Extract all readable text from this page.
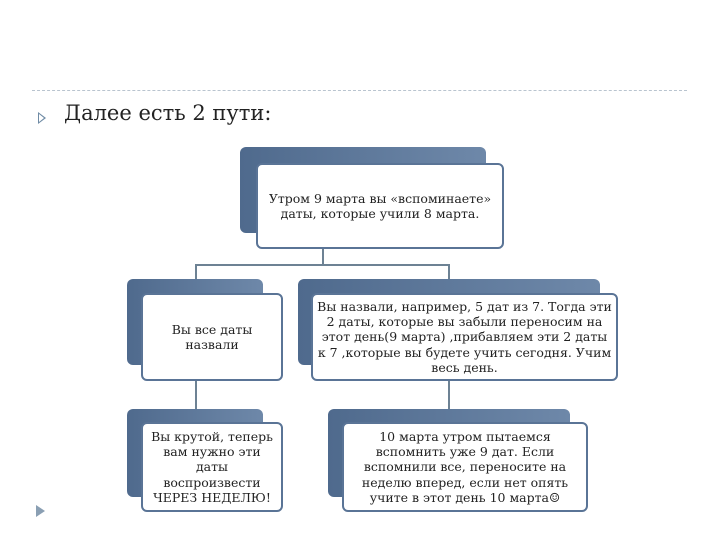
Далее есть 2 пути:
Утром 9 марта вы «вспоминаете» даты, которые учили 8 марта.
Вы все даты назвали
Вы назвали, например, 5 дат из 7. Тогда эти 2 даты, которые вы забыли переносим на этот день(9 марта) ,прибавляем эти 2 даты к 7 ,которые вы будете учить сегодня. Учим весь день.
Вы крутой, теперь вам нужно эти даты воспроизвести ЧЕРЕЗ НЕДЕЛЮ!
10 марта утром пытаемся вспомнить уже 9 дат. Если вспомнили все, переносите на неделю вперед, если нет опять учите в этот день 10 марта☺
